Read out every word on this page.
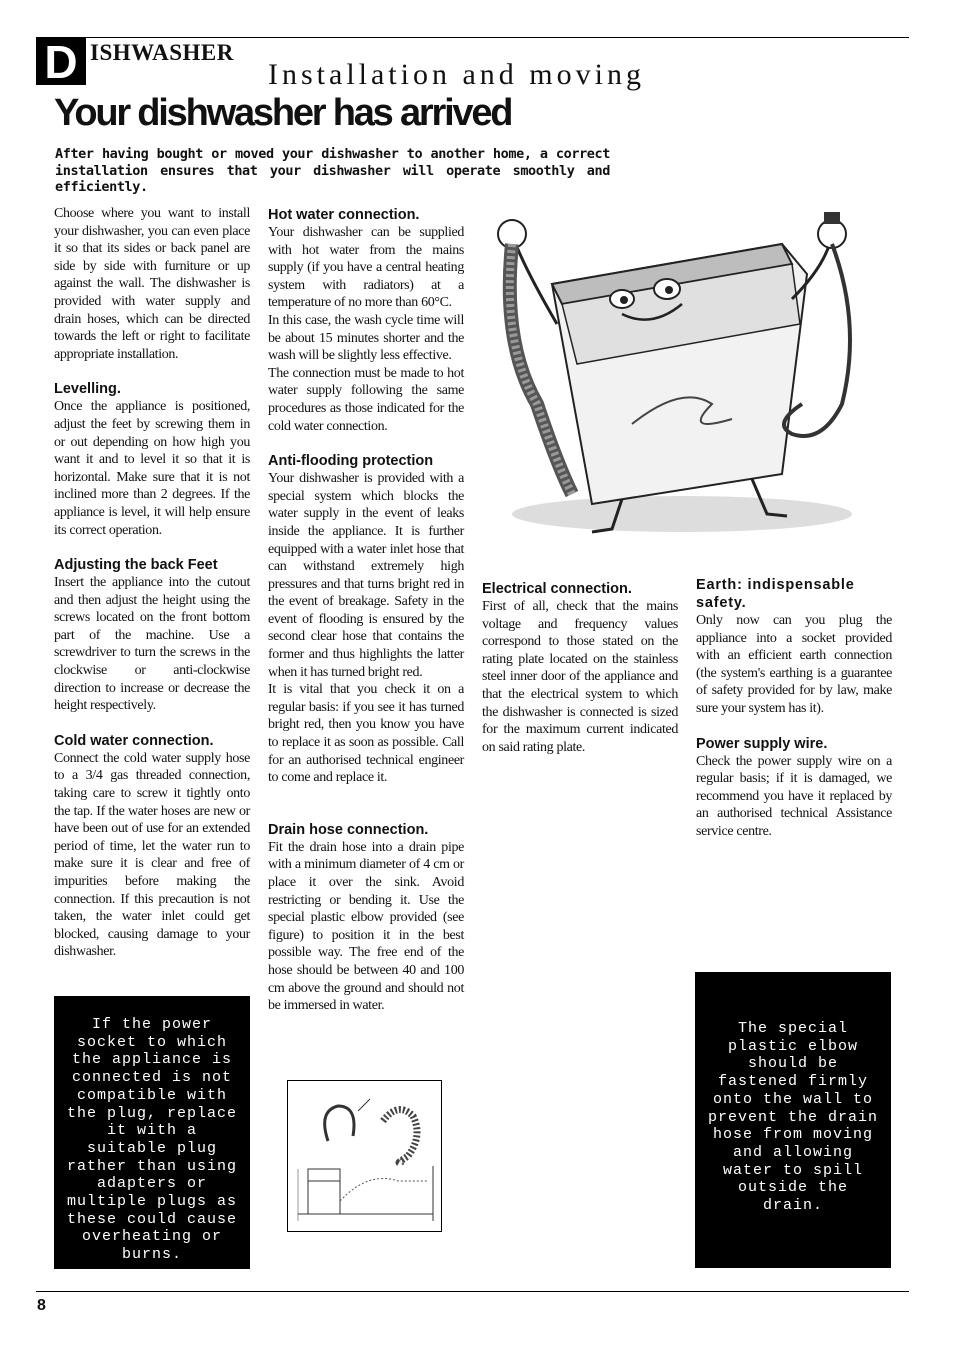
D ISHWASHER
Installation and moving
Your dishwasher has arrived
After having bought or moved your dishwasher to another home, a correct installation ensures that your dishwasher will operate smoothly and efficiently.

Choose where you want to install your dishwasher, you can even place it so that its sides or back panel are side by side with furniture or up against the wall. The dishwasher is provided with water supply and drain hoses, which can be directed towards the left or right to facilitate appropriate installation.

Levelling.

Once the appliance is positioned, adjust the feet by screwing them in or out depending on how high you want it and to level it so that it is horizontal. Make sure that it is not inclined more than 2 degrees. If the appliance is level, it will help ensure its correct operation.

Adjusting the back Feet

Insert the appliance into the cutout and then adjust the height using the screws located on the front bottom part of the machine. Use a screwdriver to turn the screws in the clockwise or anti-clockwise direction to increase or decrease the height respectively.

Cold water connection.

Connect the cold water supply hose to a 3/4 gas threaded connection, taking care to screw it tightly onto the tap. If the water hoses are new or have been out of use for an extended period of time, let the water run to make sure it is clear and free of impurities before making the connection. If this precaution is not taken, the water inlet could get blocked, causing damage to your dishwasher.

Hot water connection.

Your dishwasher can be supplied with hot water from the mains supply (if you have a central heating system with radiators) at a temperature of no more than 60°C.

In this case, the wash cycle time will be about 15 minutes shorter and the wash will be slightly less effective.

The connection must be made to hot water supply following the same procedures as those indicated for the cold water connection.

Anti-flooding protection

Your dishwasher is provided with a special system which blocks the water supply in the event of leaks inside the appliance. It is further equipped with a water inlet hose that can withstand extremely high pressures and that turns bright red in the event of breakage. Safety in the event of flooding is ensured by the second clear hose that contains the former and thus highlights the latter when it has turned bright red.

It is vital that you check it on a regular basis: if you see it has turned bright red, then you know you have to replace it as soon as possible. Call for an authorised technical engineer to come and replace it.

Drain hose connection.

Fit the drain hose into a drain pipe with a minimum diameter of 4 cm or place it over the sink. Avoid restricting or bending it. Use the special plastic elbow provided (see figure) to position it in the best possible way. The free end of the hose should be between 40 and 100 cm above the ground and should not be immersed in water.

Electrical connection.

First of all, check that the mains voltage and frequency values correspond to those stated on the rating plate located on the stainless steel inner door of the appliance and that the electrical system to which the dishwasher is connected is sized for the maximum current indicated on said rating plate.

Earth: indispensable safety.

Only now can you plug the appliance into a socket provided with an efficient earth connection (the system's earthing is a guarantee of safety provided for by law, make sure your system has it).

Power supply wire.

Check the power supply wire on a regular basis; if it is damaged, we recommend you have it replaced by an authorised technical Assistance service centre.

If the power socket to which the appliance is connected is not compatible with the plug, replace it with a suitable plug rather than using adapters or multiple plugs as these could cause overheating or burns.
The special plastic elbow should be fastened firmly onto the wall to prevent the drain hose from moving and allowing water to spill outside the drain.
8
